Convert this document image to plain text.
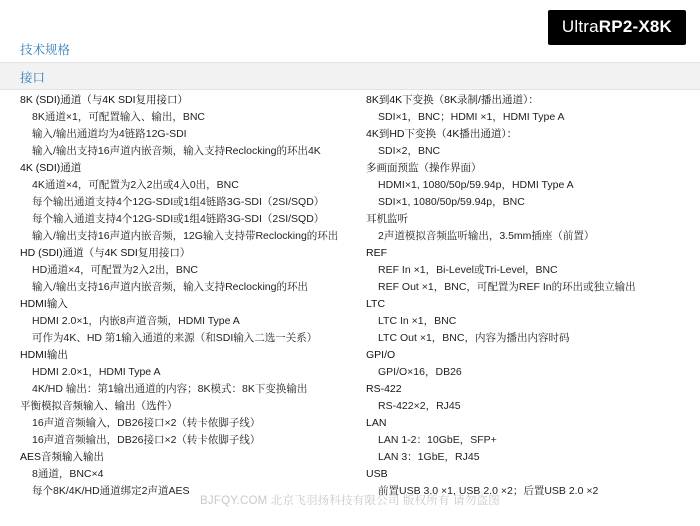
UltraRP2-X8K
技术规格
接口
8K (SDI)通道（与4K SDI复用接口）
8K通道×1，可配置输入、输出，BNC
输入/输出通道均为4链路12G-SDI
输入/输出支持16声道内嵌音频，输入支持Reclocking的环出4K
4K (SDI)通道
4K通道×4，可配置为2入2出或4入0出，BNC
每个输出通道支持4个12G-SDI或1组4链路3G-SDI（2SI/SQD）
每个输入通道支持4个12G-SDI或1组4链路3G-SDI（2SI/SQD）
输入/输出支持16声道内嵌音频，12G输入支持带Reclocking的环出
HD (SDI)通道（与4K SDI复用接口）
HD通道×4，可配置为2入2出，BNC
输入/输出支持16声道内嵌音频，输入支持Reclocking的环出
HDMI输入
HDMI 2.0×1，内嵌8声道音频，HDMI Type A
可作为4K、HD 第1输入通道的来源（和SDI输入二选一关系）
HDMI输出
HDMI 2.0×1，HDMI Type A
4K/HD 输出：第1输出通道的内容；8K模式：8K下变换输出
平衡模拟音频输入、输出（选件）
16声道音频输入，DB26接口×2（转卡侬脚子线）
16声道音频输出，DB26接口×2（转卡侬脚子线）
AES音频输入输出
8通道，BNC×4
每个8K/4K/HD通道绑定2声道AES
8K到4K下变换（8K录制/播出通道）：
SDI×1，BNC；HDMI ×1，HDMI Type A
4K到HD下变换（4K播出通道）：
SDI×2，BNC
多画面预监（操作界面）
HDMI×1, 1080/50p/59.94p，HDMI Type A
SDI×1, 1080/50p/59.94p，BNC
耳机监听
2声道模拟音频监听输出，3.5mm插座（前置）
REF
REF In ×1，Bi-Level或Tri-Level，BNC
REF Out ×1，BNC，可配置为REF In的环出或独立输出
LTC
LTC In ×1，BNC
LTC Out ×1，BNC，内容为播出内容时码
GPI/O
GPI/O×16，DB26
RS-422
RS-422×2，RJ45
LAN
LAN 1-2：10GbE，SFP+
LAN 3：1GbE，RJ45
USB
前置USB 3.0 ×1, USB 2.0 ×2；后置USB 2.0 ×2
BJFQY.COM 北京飞羽扬科技有限公司 版权所有 请勿盗图
